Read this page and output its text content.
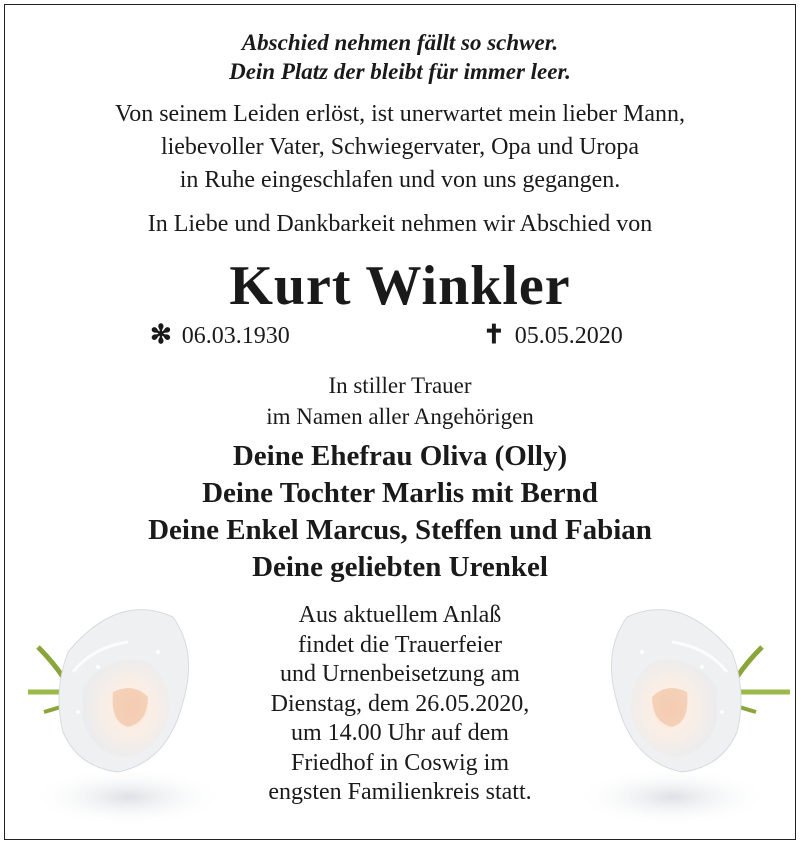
Abschied nehmen fällt so schwer.
Dein Platz der bleibt für immer leer.
Von seinem Leiden erlöst, ist unerwartet mein lieber Mann,
liebevoller Vater, Schwiegervater, Opa und Uropa
in Ruhe eingeschlafen und von uns gegangen.
In Liebe und Dankbarkeit nehmen wir Abschied von
Kurt Winkler
✻ 06.03.1930	✝ 05.05.2020
In stiller Trauer
im Namen aller Angehörigen
Deine Ehefrau Oliva (Olly)
Deine Tochter Marlis mit Bernd
Deine Enkel Marcus, Steffen und Fabian
Deine geliebten Urenkel
Aus aktuellem Anlaß
findet die Trauerfeier
und Urnenbeisetzung am
Dienstag, dem 26.05.2020,
um 14.00 Uhr auf dem
Friedhof in Coswig im
engsten Familienkreis statt.
